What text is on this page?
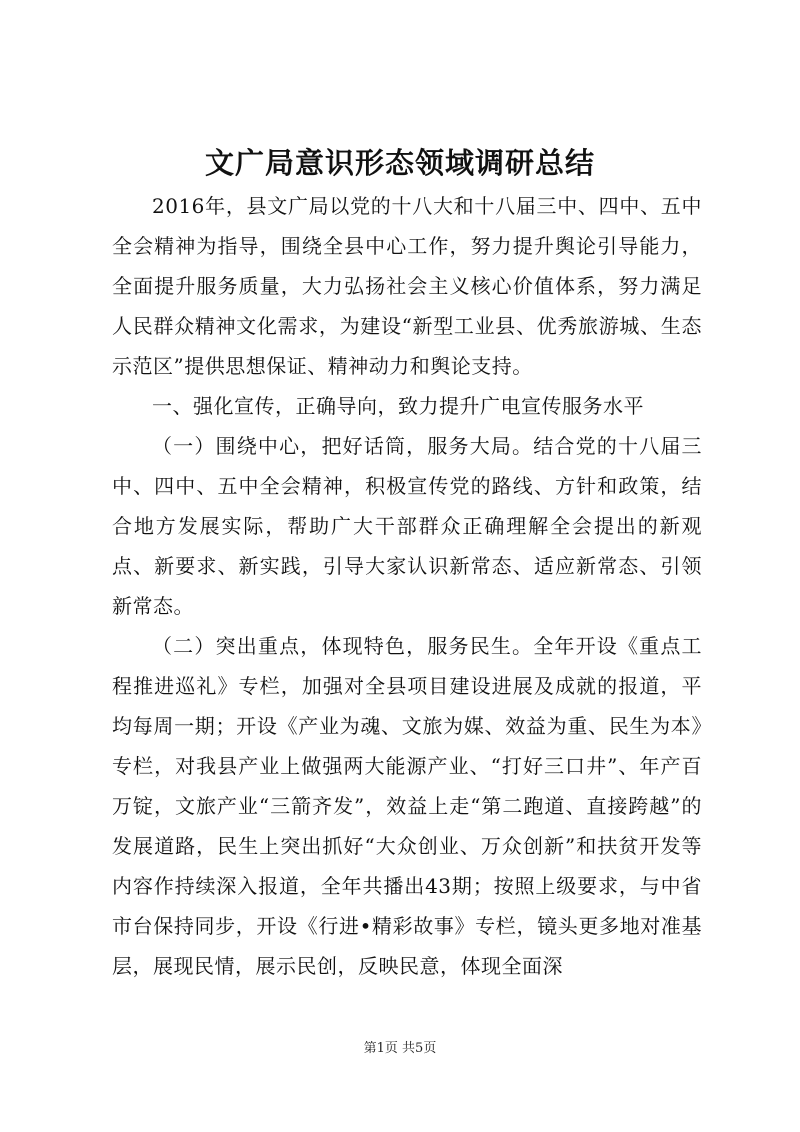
文广局意识形态领域调研总结

2016年，县文广局以党的十八大和十八届三中、四中、五中全会精神为指导，围绕全县中心工作，努力提升舆论引导能力，全面提升服务质量，大力弘扬社会主义核心价值体系，努力满足人民群众精神文化需求，为建设“新型工业县、优秀旅游城、生态示范区”提供思想保证、精神动力和舆论支持。

一、强化宣传，正确导向，致力提升广电宣传服务水平

（一）围绕中心，把好话筒，服务大局。结合党的十八届三中、四中、五中全会精神，积极宣传党的路线、方针和政策，结合地方发展实际，帮助广大干部群众正确理解全会提出的新观点、新要求、新实践，引导大家认识新常态、适应新常态、引领新常态。

（二）突出重点，体现特色，服务民生。全年开设《重点工程推进巡礼》专栏，加强对全县项目建设进展及成就的报道，平均每周一期；开设《产业为魂、文旅为媒、效益为重、民生为本》专栏，对我县产业上做强两大能源产业、“打好三口井”、年产百万锭，文旅产业“三箭齐发”，效益上走“第二跑道、直接跨越”的发展道路，民生上突出抓好“大众创业、万众创新”和扶贫开发等内容作持续深入报道，全年共播出43期；按照上级要求，与中省市台保持同步，开设《行进•精彩故事》专栏，镜头更多地对准基层，展现民情，展示民创，反映民意，体现全面深

第1页 共5页
